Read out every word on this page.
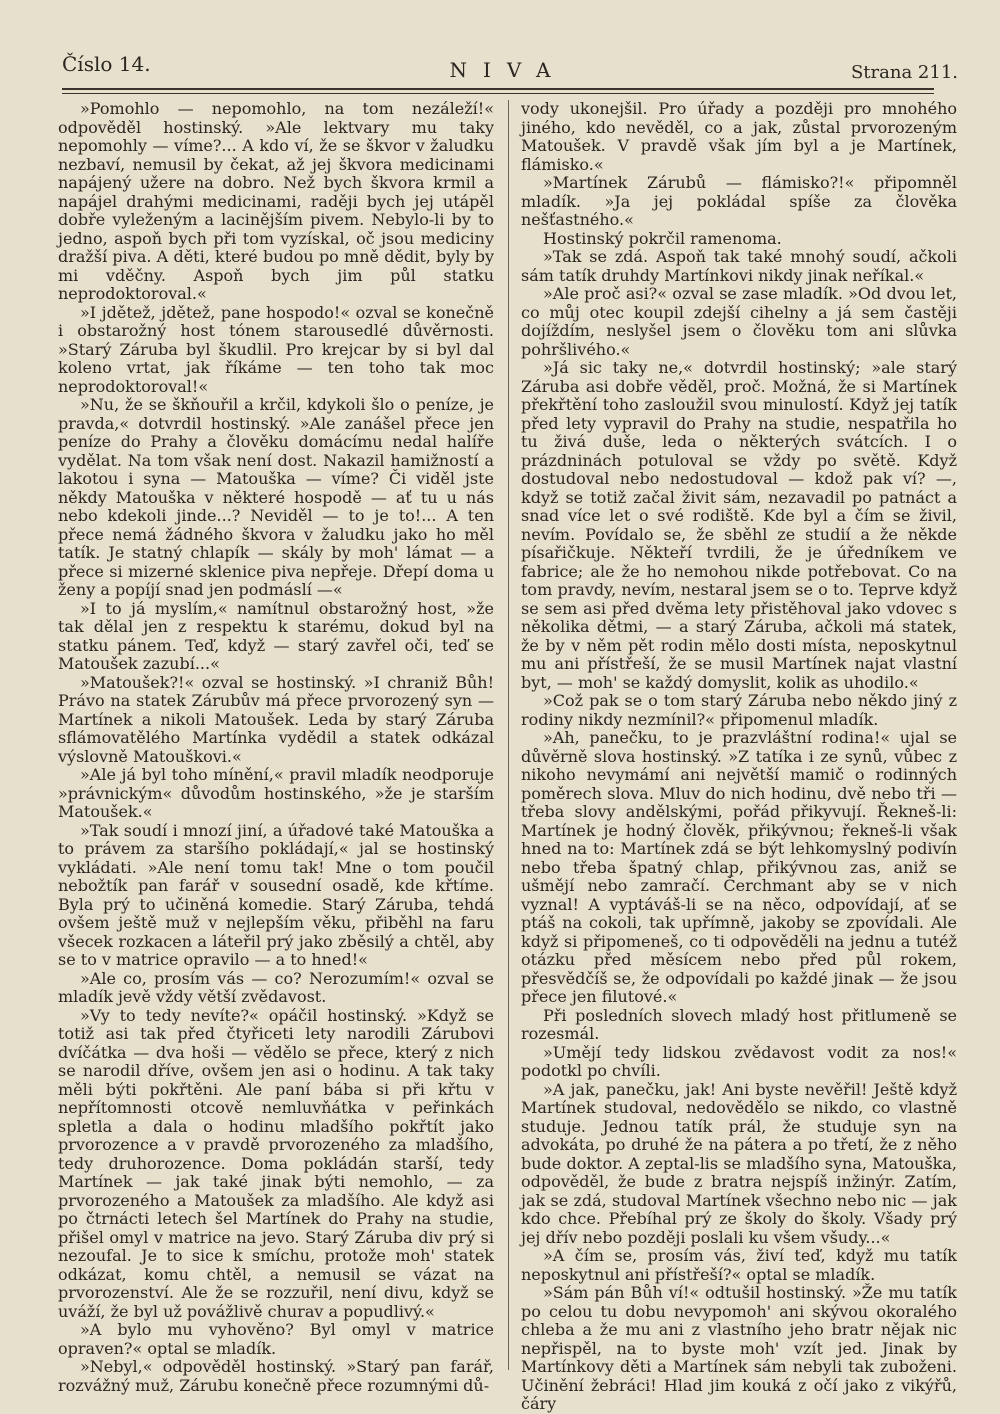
Číslo 14.	NIVA	Strana 211.

»Pomohlo — nepomohlo, na tom nezáleží!« odpověděl hostinský. »Ale lektvary mu taky nepomohly — víme?... A kdo ví, že se škvor v žaludku nezbaví, nemusil by čekat, až jej škvora medicinami napájený užere na dobro. Než bych škvora krmil a napájel drahými medicinami, raději bych jej utápěl dobře vyleženým a lacinějším pivem. Nebylo-li by to jedno, aspoň bych při tom vyzískal, oč jsou mediciny dražší piva. A děti, které budou po mně dědit, byly by mi vděčny. Aspoň bych jim půl statku neprodoktoroval.«

»I jdětež, jdětež, pane hospodo!« ozval se konečně i obstarožný host tónem starousedlé důvěrnosti. »Starý Záruba byl škudlil. Pro krejcar by si byl dal koleno vrtat, jak říkáme — ten toho tak moc neprodoktoroval!«

»Nu, že se škňouřil a krčil, kdykoli šlo o peníze, je pravda,« dotvrdil hostinský. »Ale zanášel přece jen peníze do Prahy a člověku domácímu nedal halíře vydělat. Na tom však není dost. Nakazil hamižností a lakotou i syna — Matouška — víme? Či viděl jste někdy Matouška v některé hospodě — ať tu u nás nebo kdekoli jinde...? Neviděl — to je to!... A ten přece nemá žádného škvora v žaludku jako ho měl tatík. Je statný chlapík — skály by moh' lámat — a přece si mizerné sklenice piva nepřeje. Dřepí doma u ženy a popíjí snad jen podmáslí —«

»I to já myslím,« namítnul obstarožný host, »že tak dělal jen z respektu k starému, dokud byl na statku pánem. Teď, když — starý zavřel oči, teď se Matoušek zazubí...«

»Matoušek?!« ozval se hostinský. »I chraniž Bůh! Právo na statek Zárubův má přece prvorozený syn — Martínek a nikoli Matoušek. Leda by starý Záruba sflámovatělého Martínka vydědil a statek odkázal výslovně Matouškovi.«

»Ale já byl toho mínění,« pravil mladík neodporuje »právnickým« důvodům hostinského, »že je starším Matoušek.«

»Tak soudí i mnozí jiní, a úřadové také Matouška a to právem za staršího pokládají,« jal se hostinský vykládati. »Ale není tomu tak! Mne o tom poučil nebožtík pan farář v sousední osadě, kde křtíme. Byla prý to učiněná komedie. Starý Záruba, tehdá ovšem ještě muž v nejlepším věku, přiběhl na faru všecek rozkacen a láteřil prý jako zběsilý a chtěl, aby se to v matrice opravilo — a to hned!«

»Ale co, prosím vás — co? Nerozumím!« ozval se mladík jevě vždy větší zvědavost.

»Vy to tedy nevíte?« opáčil hostinský. »Když se totiž asi tak před čtyřiceti lety narodili Zárubovi dvíčátka — dva hoši — vědělo se přece, který z nich se narodil dříve, ovšem jen asi o hodinu. A tak taky měli býti pokřtěni. Ale paní bába si při křtu v nepřítomnosti otcově nemluvňátka v peřinkách spletla a dala o hodinu mladšího pokřtít jako prvorozence a v pravdě prvorozeného za mladšího, tedy druhorozence. Doma pokládán starší, tedy Martínek — jak také jinak býti nemohlo, — za prvorozeného a Matoušek za mladšího. Ale když asi po čtrnácti letech šel Martínek do Prahy na studie, přišel omyl v matrice na jevo. Starý Záruba div prý si nezoufal. Je to sice k smíchu, protože moh' statek odkázat, komu chtěl, a nemusil se vázat na prvorozenství. Ale že se rozzuřil, není divu, když se uváží, že byl už povážlivě churav a popudlivý.«

»A bylo mu vyhověno? Byl omyl v matrice opraven?« optal se mladík.

»Nebyl,« odpověděl hostinský. »Starý pan farář, rozvážný muž, Zárubu konečně přece rozumnými dů-

vody ukonejšil. Pro úřady a později pro mnohého jiného, kdo nevěděl, co a jak, zůstal prvorozeným Matoušek. V pravdě však jím byl a je Martínek, flámisko.«

»Martínek Zárubů — flámisko?!« připomněl mladík. »Ja jej pokládal spíše za člověka nešťastného.«

Hostinský pokrčil ramenoma.

»Tak se zdá. Aspoň tak také mnohý soudí, ačkoli sám tatík druhdy Martínkovi nikdy jinak neříkal.«

»Ale proč asi?« ozval se zase mladík. »Od dvou let, co můj otec koupil zdejší cihelny a já sem častěji dojíždím, neslyšel jsem o člověku tom ani slůvka pohršlivého.«

»Já sic taky ne,« dotvrdil hostinský; »ale starý Záruba asi dobře věděl, proč. Možná, že si Martínek překřtění toho zasloužil svou minulostí. Když jej tatík před lety vypravil do Prahy na studie, nespatřila ho tu živá duše, leda o některých svátcích. I o prázdninách potuloval se vždy po světě. Když dostudoval nebo nedostudoval — kdož pak ví? —, když se totiž začal živit sám, nezavadil po patnáct a snad více let o své rodiště. Kde byl a čím se živil, nevím. Povídalo se, že sběhl ze studií a že někde písařičkuje. Někteří tvrdili, že je úředníkem ve fabrice; ale že ho nemohou nikde potřebovat. Co na tom pravdy, nevím, nestaral jsem se o to. Teprve když se sem asi před dvěma lety přistěhoval jako vdovec s několika dětmi, — a starý Záruba, ačkoli má statek, že by v něm pět rodin mělo dosti místa, neposkytnul mu ani přístřeší, že se musil Martínek najat vlastní byt, — moh' se každý domyslit, kolik as uhodilo.«

»Což pak se o tom starý Záruba nebo někdo jiný z rodiny nikdy nezmínil?« připomenul mladík.

»Ah, panečku, to je prazvláštní rodina!« ujal se důvěrně slova hostinský. »Z tatíka i ze synů, vůbec z nikoho nevymámí ani největší mamič o rodinných poměrech slova. Mluv do nich hodinu, dvě nebo tři — třeba slovy andělskými, pořád přikyvují. Řekneš-li: Martínek je hodný člověk, přikývnou; řekneš-li však hned na to: Martínek zdá se být lehkomyslný podivín nebo třeba špatný chlap, přikývnou zas, aniž se ušmějí nebo zamračí. Čerchmant aby se v nich vyznal! A vyptáváš-li se na něco, odpovídají, ať se ptáš na cokoli, tak upřímně, jakoby se zpovídali. Ale když si připomeneš, co ti odpověděli na jednu a tutéž otázku před měsícem nebo před půl rokem, přesvědčíš se, že odpovídali po každé jinak — že jsou přece jen filutové.«

Při posledních slovech mladý host přitlumeně se rozesmál.

»Umějí tedy lidskou zvědavost vodit za nos!« podotkl po chvíli.

»A jak, panečku, jak! Ani byste nevěřil! Ještě když Martínek studoval, nedovědělo se nikdo, co vlastně studuje. Jednou tatík prál, že studuje syn na advokáta, po druhé že na pátera a po třetí, že z něho bude doktor. A zeptal-lis se mladšího syna, Matouška, odpověděl, že bude z bratra nejspíš inžinýr. Zatím, jak se zdá, studoval Martínek všechno nebo nic — jak kdo chce. Přebíhal prý ze školy do školy. Všady prý jej dřív nebo později poslali ku všem všudy...«

»A čím se, prosím vás, živí teď, když mu tatík neposkytnul ani přístřeší?« optal se mladík.

»Sám pán Bůh ví!« odtušil hostinský. »Že mu tatík po celou tu dobu nevypomoh' ani skývou okoralého chleba a že mu ani z vlastního jeho bratr nějak nic nepřispěl, na to byste moh' vzít jed. Jinak by Martínkovy děti a Martínek sám nebyli tak zuboženi. Učinění žebráci! Hlad jim kouká z očí jako z vikýřů, čáry
